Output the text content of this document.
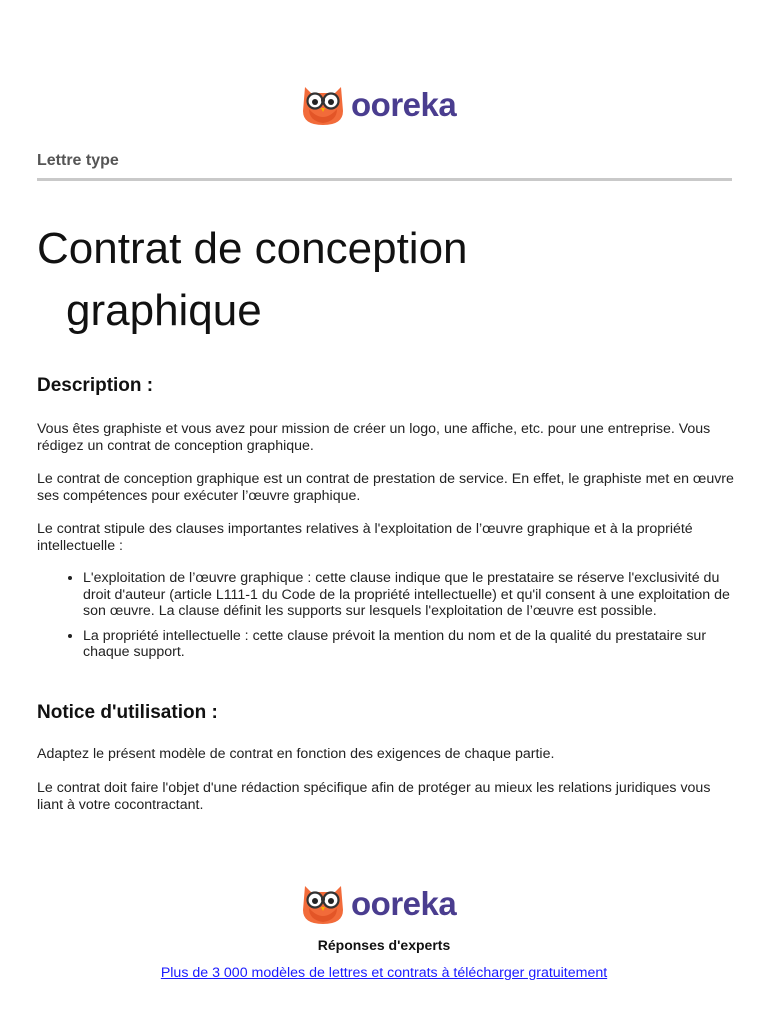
ooreka
Lettre type
Contrat de conception
graphique
Description :

Vous êtes graphiste et vous avez pour mission de créer un logo, une affiche, etc. pour une entreprise. Vous rédigez un contrat de conception graphique.

Le contrat de conception graphique est un contrat de prestation de service. En effet, le graphiste met en œuvre ses compétences pour exécuter l’œuvre graphique.

Le contrat stipule des clauses importantes relatives à l'exploitation de l’œuvre graphique et à la propriété intellectuelle :

• L'exploitation de l’œuvre graphique : cette clause indique que le prestataire se réserve l'exclusivité du droit d'auteur (article L111-1 du Code de la propriété intellectuelle) et qu'il consent à une exploitation de son œuvre. La clause définit les supports sur lesquels l'exploitation de l’œuvre est possible.
• La propriété intellectuelle : cette clause prévoit la mention du nom et de la qualité du prestataire sur chaque support.
Notice d'utilisation :

Adaptez le présent modèle de contrat en fonction des exigences de chaque partie.

Le contrat doit faire l'objet d'une rédaction spécifique afin de protéger au mieux les relations juridiques vous liant à votre cocontractant.

ooreka
Réponses d'experts
Plus de 3 000 modèles de lettres et contrats à télécharger gratuitement
